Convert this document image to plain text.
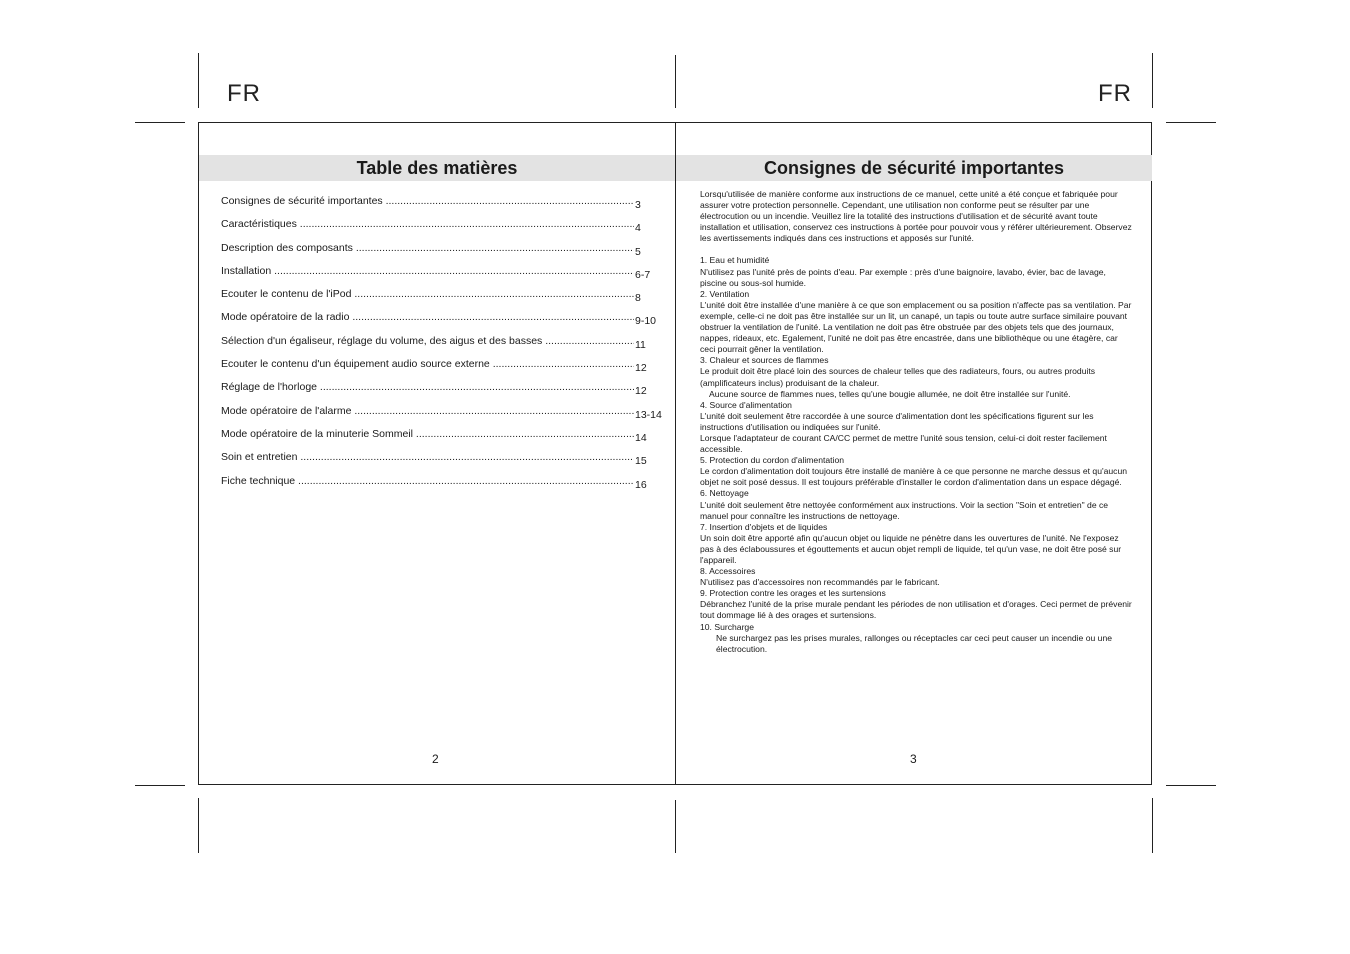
FR	FR
Table des matières
Consignes de sécurité importantes .....	3
Caractéristiques .....	4
Description des composants .....	5
Installation .....	6-7
Ecouter le contenu de l'iPod .....	8
Mode opératoire de la radio .....	9-10
Sélection d'un égaliseur, réglage du volume, des aigus et des basses .....	11
Ecouter le contenu d'un équipement audio source externe .....	12
Réglage de l'horloge .....	12
Mode opératoire de l'alarme .....	13-14
Mode opératoire de la minuterie Sommeil .....	14
Soin et entretien .....	15
Fiche technique .....	16
2
Consignes de sécurité importantes

Lorsqu'utilisée de manière conforme aux instructions de ce manuel, cette unité a été conçue et fabriquée pour assurer votre protection personnelle. Cependant, une utilisation non conforme peut se résulter par une électrocution ou un incendie. Veuillez lire la totalité des instructions d'utilisation et de sécurité avant toute installation et utilisation, conservez ces instructions à portée pour pouvoir vous y référer ultérieurement. Observez les avertissements indiqués dans ces instructions et apposés sur l'unité.

1. Eau et humidité

N'utilisez pas l'unité près de points d'eau. Par exemple : près d'une baignoire, lavabo, évier, bac de lavage, piscine ou sous-sol humide.

2. Ventilation

L'unité doit être installée d'une manière à ce que son emplacement ou sa position n'affecte pas sa ventilation. Par exemple, celle-ci ne doit pas être installée sur un lit, un canapé, un tapis ou toute autre surface similaire pouvant obstruer la ventilation de l'unité. La ventilation ne doit pas être obstruée par des objets tels que des journaux, nappes, rideaux, etc. Egalement, l'unité ne doit pas être encastrée, dans une bibliothèque ou une étagère, car ceci pourrait gêner la ventilation.

3. Chaleur et sources de flammes

Le produit doit être placé loin des sources de chaleur telles que des radiateurs, fours, ou autres produits (amplificateurs inclus) produisant de la chaleur.

Aucune source de flammes nues, telles qu'une bougie allumée, ne doit être installée sur l'unité.

4. Source d'alimentation

L'unité doit seulement être raccordée à une source d'alimentation dont les spécifications figurent sur les instructions d'utilisation ou indiquées sur l'unité.

Lorsque l'adaptateur de courant CA/CC permet de mettre l'unité sous tension, celui-ci doit rester facilement accessible.

5. Protection du cordon d'alimentation

Le cordon d'alimentation doit toujours être installé de manière à ce que personne ne marche dessus et qu'aucun objet ne soit posé dessus. Il est toujours préférable d'installer le cordon d'alimentation dans un espace dégagé.

6. Nettoyage

L'unité doit seulement être nettoyée conformément aux instructions. Voir la section "Soin et entretien" de ce manuel pour connaître les instructions de nettoyage.

7. Insertion d'objets et de liquides

Un soin doit être apporté afin qu'aucun objet ou liquide ne pénètre dans les ouvertures de l'unité. Ne l'exposez pas à des éclaboussures et égouttements et aucun objet rempli de liquide, tel qu'un vase, ne doit être posé sur l'appareil.

8. Accessoires

N'utilisez pas d'accessoires non recommandés par le fabricant.

9. Protection contre les orages et les surtensions

Débranchez l'unité de la prise murale pendant les périodes de non utilisation et d'orages. Ceci permet de prévenir tout dommage lié à des orages et surtensions.

10. Surcharge

Ne surchargez pas les prises murales, rallonges ou réceptacles car ceci peut causer un incendie ou une électrocution.

3
